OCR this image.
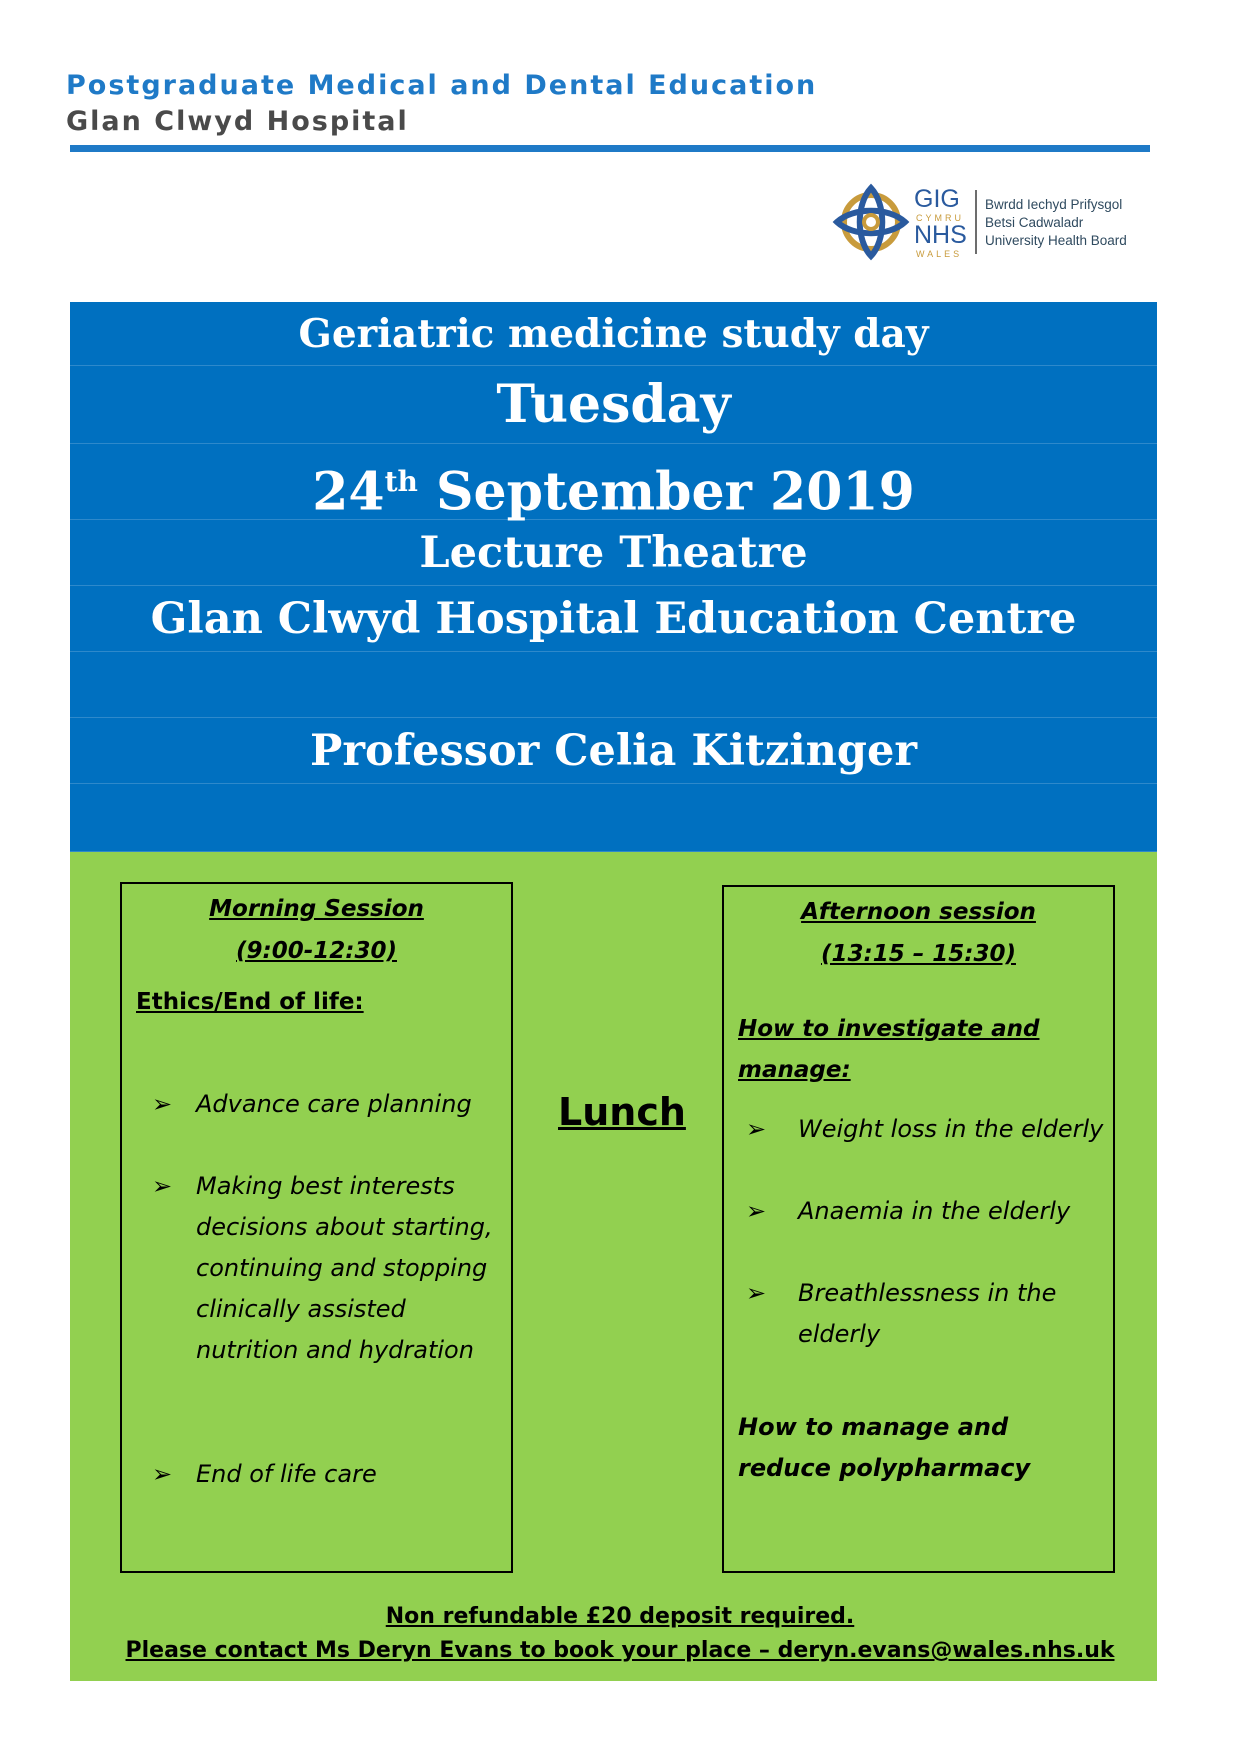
Postgraduate Medical and Dental Education
Glan Clwyd Hospital
GIG
CYMRU
NHS
WALES
Bwrdd Iechyd Prifysgol
Betsi Cadwaladr
University Health Board
Geriatric medicine study day
Tuesday
24th September 2019
Lecture Theatre
Glan Clwyd Hospital Education Centre
Professor Celia Kitzinger
Morning Session
(9:00-12:30)
Ethics/End of life:
➢ Advance care planning
➢ Making best interests decisions about starting, continuing and stopping clinically assisted nutrition and hydration
➢ End of life care
Lunch
Afternoon session
(13:15 – 15:30)
How to investigate and manage:
➢ Weight loss in the elderly
➢ Anaemia in the elderly
➢ Breathlessness in the elderly
How to manage and reduce polypharmacy
Non refundable £20 deposit required.
Please contact Ms Deryn Evans to book your place – deryn.evans@wales.nhs.uk
